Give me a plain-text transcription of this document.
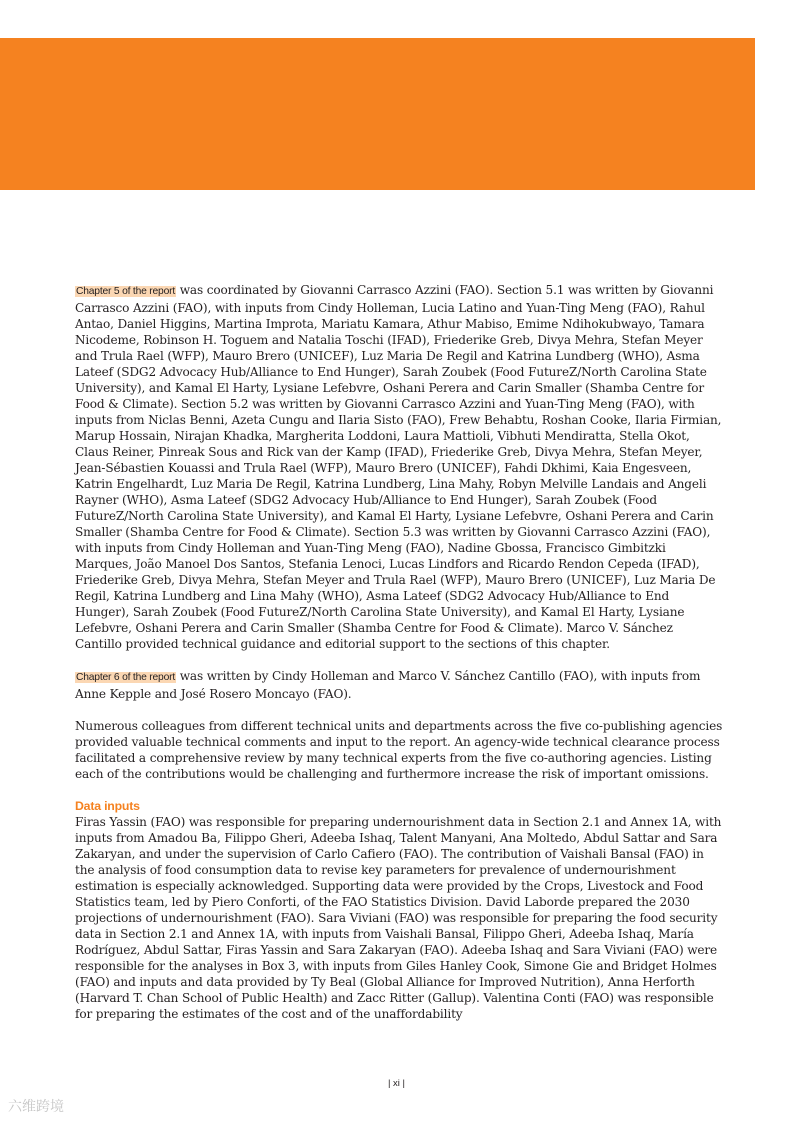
Chapter 5 of the report was coordinated by Giovanni Carrasco Azzini (FAO). Section 5.1 was written by Giovanni Carrasco Azzini (FAO), with inputs from Cindy Holleman, Lucia Latino and Yuan-Ting Meng (FAO), Rahul Antao, Daniel Higgins, Martina Improta, Mariatu Kamara, Athur Mabiso, Emime Ndihokubwayo, Tamara Nicodeme, Robinson H. Toguem and Natalia Toschi (IFAD), Friederike Greb, Divya Mehra, Stefan Meyer and Trula Rael (WFP), Mauro Brero (UNICEF), Luz Maria De Regil and Katrina Lundberg (WHO), Asma Lateef (SDG2 Advocacy Hub/Alliance to End Hunger), Sarah Zoubek (Food FutureZ/North Carolina State University), and Kamal El Harty, Lysiane Lefebvre, Oshani Perera and Carin Smaller (Shamba Centre for Food & Climate). Section 5.2 was written by Giovanni Carrasco Azzini and Yuan-Ting Meng (FAO), with inputs from Niclas Benni, Azeta Cungu and Ilaria Sisto (FAO), Frew Behabtu, Roshan Cooke, Ilaria Firmian, Marup Hossain, Nirajan Khadka, Margherita Loddoni, Laura Mattioli, Vibhuti Mendiratta, Stella Okot, Claus Reiner, Pinreak Sous and Rick van der Kamp (IFAD), Friederike Greb, Divya Mehra, Stefan Meyer, Jean-Sébastien Kouassi and Trula Rael (WFP), Mauro Brero (UNICEF), Fahdi Dkhimi, Kaia Engesveen, Katrin Engelhardt, Luz Maria De Regil, Katrina Lundberg, Lina Mahy, Robyn Melville Landais and Angeli Rayner (WHO), Asma Lateef (SDG2 Advocacy Hub/Alliance to End Hunger), Sarah Zoubek (Food FutureZ/North Carolina State University), and Kamal El Harty, Lysiane Lefebvre, Oshani Perera and Carin Smaller (Shamba Centre for Food & Climate). Section 5.3 was written by Giovanni Carrasco Azzini (FAO), with inputs from Cindy Holleman and Yuan-Ting Meng (FAO), Nadine Gbossa, Francisco Gimbitzki Marques, João Manoel Dos Santos, Stefania Lenoci, Lucas Lindfors and Ricardo Rendon Cepeda (IFAD), Friederike Greb, Divya Mehra, Stefan Meyer and Trula Rael (WFP), Mauro Brero (UNICEF), Luz Maria De Regil, Katrina Lundberg and Lina Mahy (WHO), Asma Lateef (SDG2 Advocacy Hub/Alliance to End Hunger), Sarah Zoubek (Food FutureZ/North Carolina State University), and Kamal El Harty, Lysiane Lefebvre, Oshani Perera and Carin Smaller (Shamba Centre for Food & Climate). Marco V. Sánchez Cantillo provided technical guidance and editorial support to the sections of this chapter.

Chapter 6 of the report was written by Cindy Holleman and Marco V. Sánchez Cantillo (FAO), with inputs from Anne Kepple and José Rosero Moncayo (FAO).

Numerous colleagues from different technical units and departments across the five co-publishing agencies provided valuable technical comments and input to the report. An agency-wide technical clearance process facilitated a comprehensive review by many technical experts from the five co-authoring agencies. Listing each of the contributions would be challenging and furthermore increase the risk of important omissions.

Data inputs

Firas Yassin (FAO) was responsible for preparing undernourishment data in Section 2.1 and Annex 1A, with inputs from Amadou Ba, Filippo Gheri, Adeeba Ishaq, Talent Manyani, Ana Moltedo, Abdul Sattar and Sara Zakaryan, and under the supervision of Carlo Cafiero (FAO). The contribution of Vaishali Bansal (FAO) in the analysis of food consumption data to revise key parameters for prevalence of undernourishment estimation is especially acknowledged. Supporting data were provided by the Crops, Livestock and Food Statistics team, led by Piero Conforti, of the FAO Statistics Division. David Laborde prepared the 2030 projections of undernourishment (FAO). Sara Viviani (FAO) was responsible for preparing the food security data in Section 2.1 and Annex 1A, with inputs from Vaishali Bansal, Filippo Gheri, Adeeba Ishaq, María Rodríguez, Abdul Sattar, Firas Yassin and Sara Zakaryan (FAO). Adeeba Ishaq and Sara Viviani (FAO) were responsible for the analyses in Box 3, with inputs from Giles Hanley Cook, Simone Gie and Bridget Holmes (FAO) and inputs and data provided by Ty Beal (Global Alliance for Improved Nutrition), Anna Herforth (Harvard T. Chan School of Public Health) and Zacc Ritter (Gallup). Valentina Conti (FAO) was responsible for preparing the estimates of the cost and of the unaffordability

| xi |
六维跨境
